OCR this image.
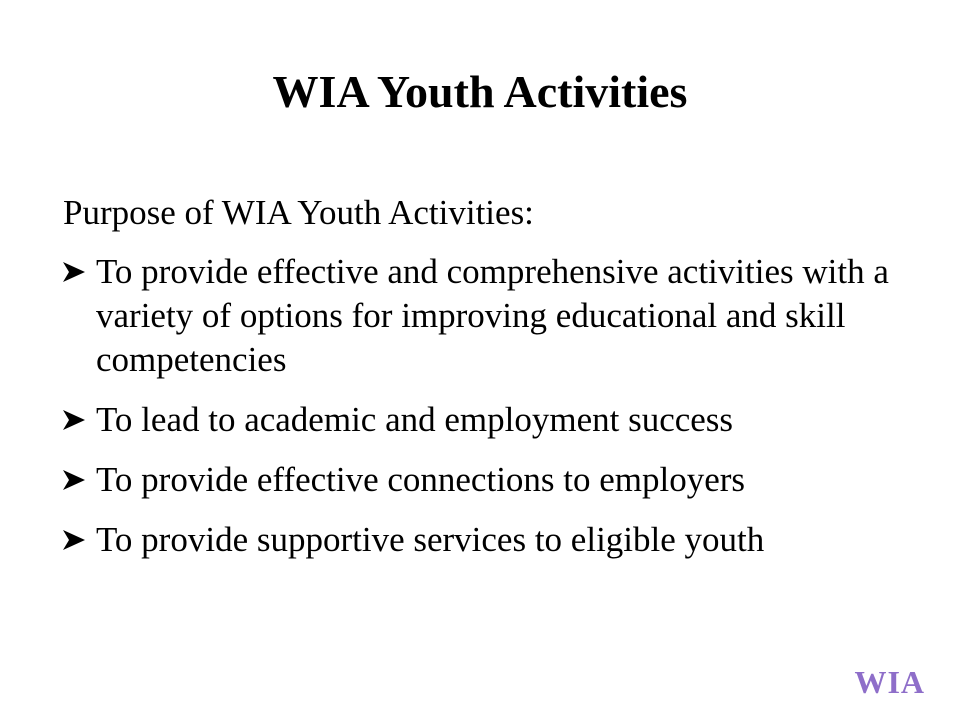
WIA Youth Activities
Purpose of WIA Youth Activities:
To provide effective and comprehensive activities with a variety of options for improving educational and skill competencies
To lead to academic and employment success
To provide effective connections to employers
To provide supportive services to eligible youth
WIA
